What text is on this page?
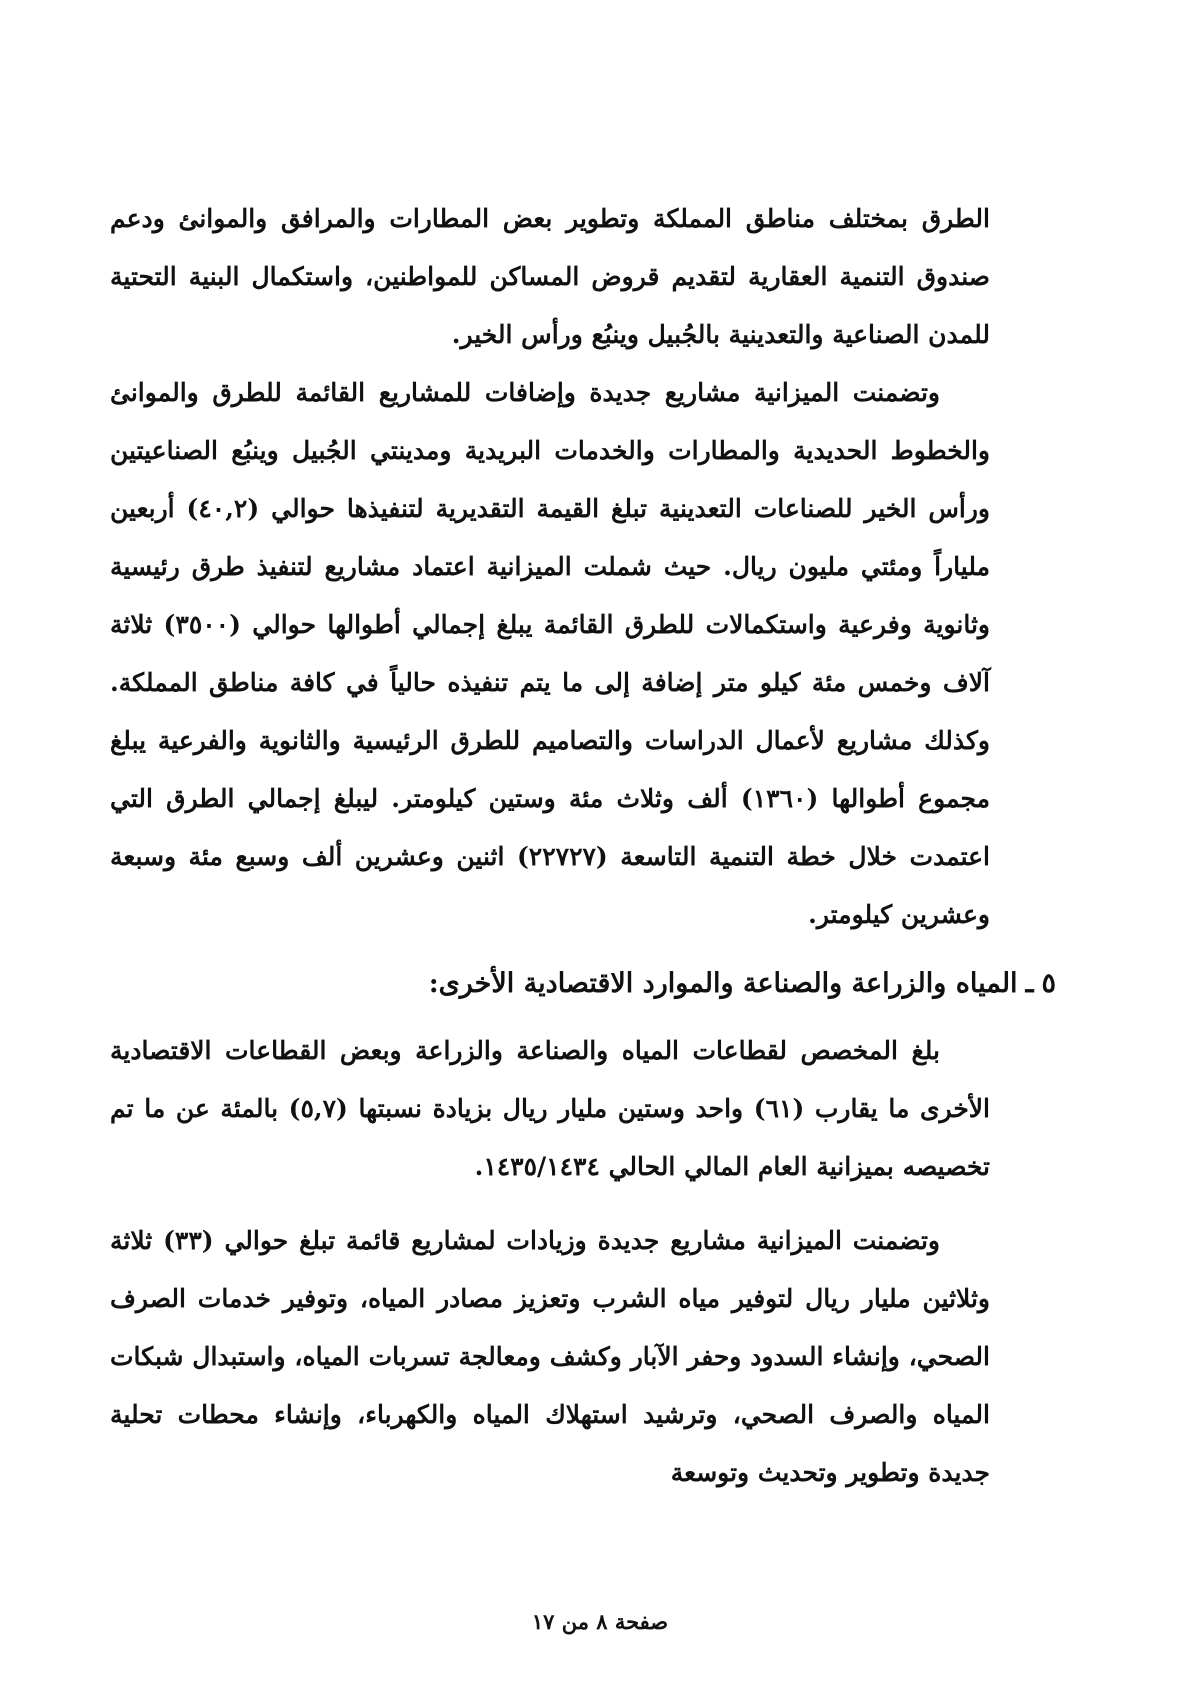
الطرق بمختلف مناطق المملكة وتطوير بعض المطارات والمرافق والموانئ ودعم صندوق التنمية العقارية لتقديم قروض المساكن للمواطنين، واستكمال البنية التحتية للمدن الصناعية والتعدينية بالجُبيل وينبُع ورأس الخير.

وتضمنت الميزانية مشاريع جديدة وإضافات للمشاريع القائمة للطرق والموانئ والخطوط الحديدية والمطارات والخدمات البريدية ومدينتي الجُبيل وينبُع الصناعيتين ورأس الخير للصناعات التعدينية تبلغ القيمة التقديرية لتنفيذها حوالي (٤٠,٢) أربعين ملياراً ومئتي مليون ريال. حيث شملت الميزانية اعتماد مشاريع لتنفيذ طرق رئيسية وثانوية وفرعية واستكمالات للطرق القائمة يبلغ إجمالي أطوالها حوالي (٣٥٠٠) ثلاثة آلاف وخمس مئة كيلو متر إضافة إلى ما يتم تنفيذه حالياً في كافة مناطق المملكة. وكذلك مشاريع لأعمال الدراسات والتصاميم للطرق الرئيسية والثانوية والفرعية يبلغ مجموع أطوالها (١٣٦٠) ألف وثلاث مئة وستين كيلومتر. ليبلغ إجمالي الطرق التي اعتمدت خلال خطة التنمية التاسعة (٢٢٧٢٧) اثنين وعشرين ألف وسبع مئة وسبعة وعشرين كيلومتر.

٥
ـ
المياه والزراعة والصناعة والموارد الاقتصادية الأخرى:

بلغ المخصص لقطاعات المياه والصناعة والزراعة وبعض القطاعات الاقتصادية الأخرى ما يقارب (٦١) واحد وستين مليار ريال بزيادة نسبتها (٥,٧) بالمئة عن ما تم تخصيصه بميزانية العام المالي الحالي ١٤٣٥/١٤٣٤.

وتضمنت الميزانية مشاريع جديدة وزيادات لمشاريع قائمة تبلغ حوالي (٣٣) ثلاثة وثلاثين مليار ريال لتوفير مياه الشرب وتعزيز مصادر المياه، وتوفير خدمات الصرف الصحي، وإنشاء السدود وحفر الآبار وكشف ومعالجة تسربات المياه، واستبدال شبكات المياه والصرف الصحي، وترشيد استهلاك المياه والكهرباء، وإنشاء محطات تحلية جديدة وتطوير وتحديث وتوسعة

صفحة ٨ من ١٧
